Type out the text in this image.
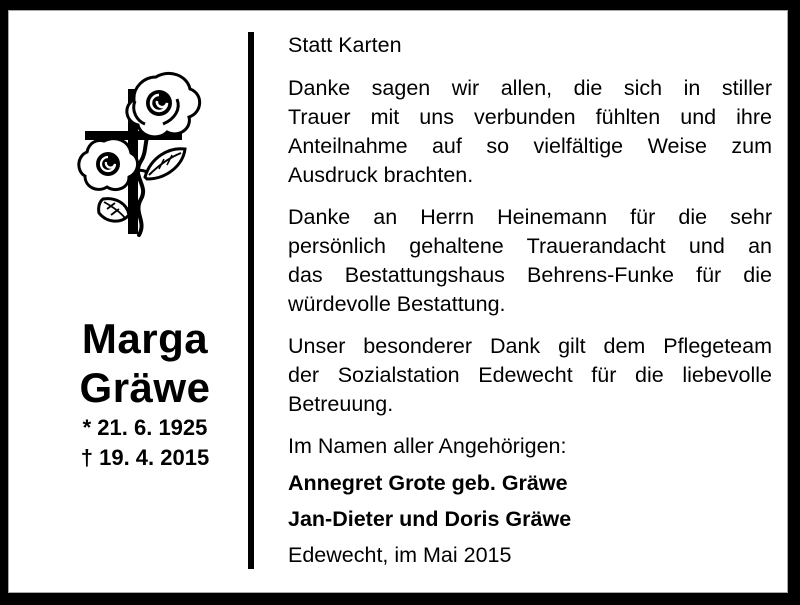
Marga
Gräwe
* 21. 6. 1925
† 19. 4. 2015
Statt Karten
Danke sagen wir allen, die sich in stiller
Trauer mit uns verbunden fühlten und ihre
Anteilnahme auf so vielfältige Weise zum
Ausdruck brachten.
Danke an Herrn Heinemann für die sehr
persönlich gehaltene Trauerandacht und an
das Bestattungshaus Behrens-Funke für die
würdevolle Bestattung.
Unser besonderer Dank gilt dem Pflegeteam
der Sozialstation Edewecht für die liebevolle
Betreuung.
Im Namen aller Angehörigen:
Annegret Grote geb. Gräwe
Jan-Dieter und Doris Gräwe
Edewecht, im Mai 2015
